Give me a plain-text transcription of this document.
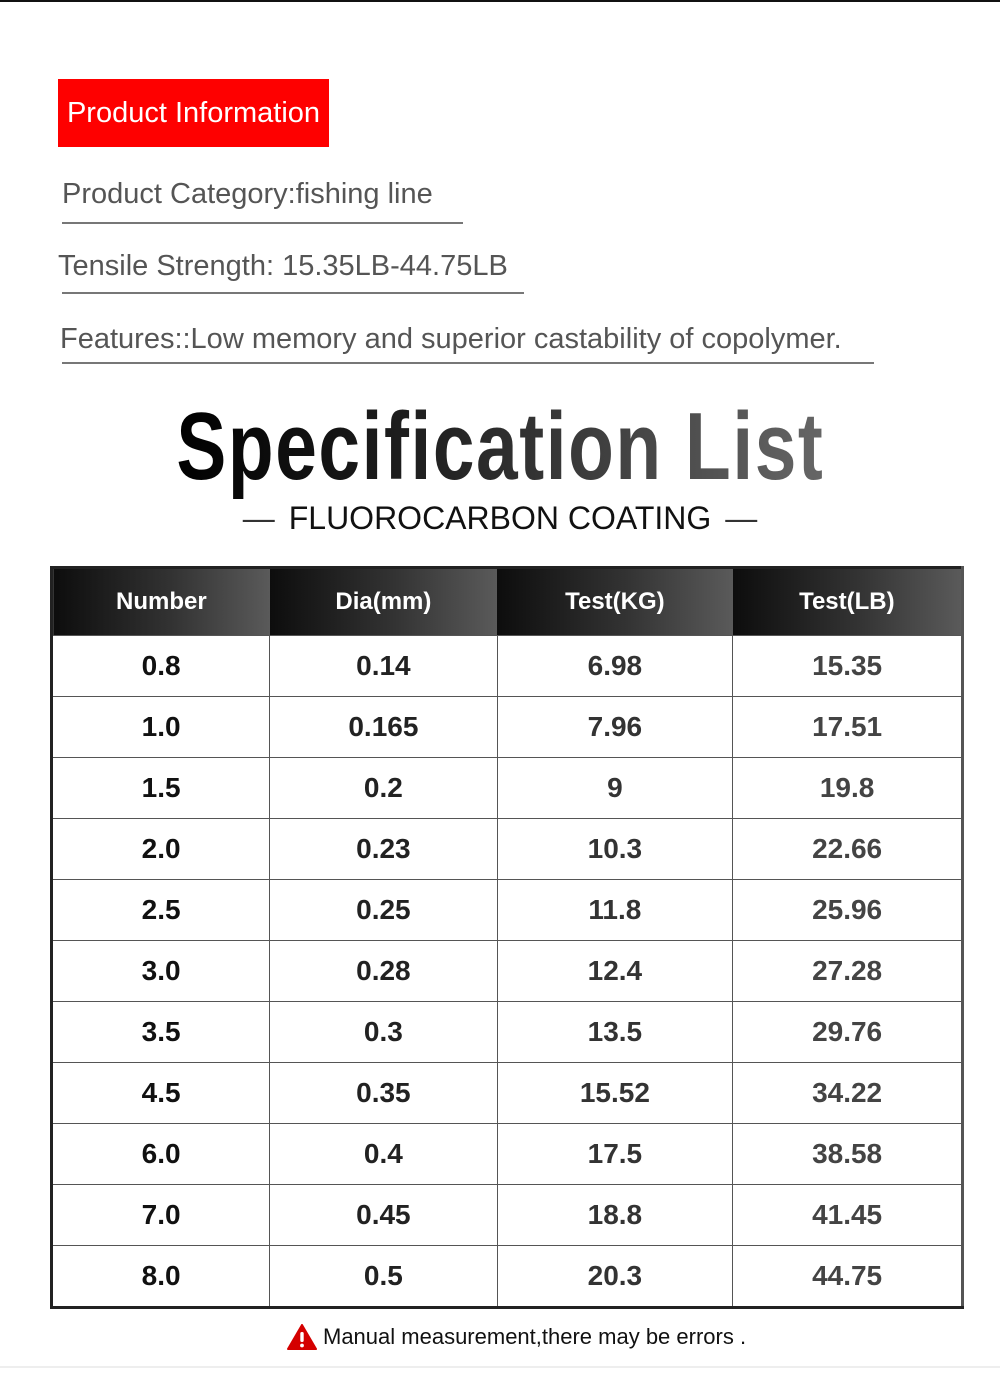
Product Information
Product Category:fishing line
Tensile Strength: 15.35LB-44.75LB
Features::Low memory and superior castability of copolymer.
Specification List
— FLUOROCARBON COATING —
Number	Dia(mm)	Test(KG)	Test(LB)
0.8	0.14	6.98	15.35
1.0	0.165	7.96	17.51
1.5	0.2	9	19.8
2.0	0.23	10.3	22.66
2.5	0.25	11.8	25.96
3.0	0.28	12.4	27.28
3.5	0.3	13.5	29.76
4.5	0.35	15.52	34.22
6.0	0.4	17.5	38.58
7.0	0.45	18.8	41.45
8.0	0.5	20.3	44.75
Manual measurement,there may be errors .
